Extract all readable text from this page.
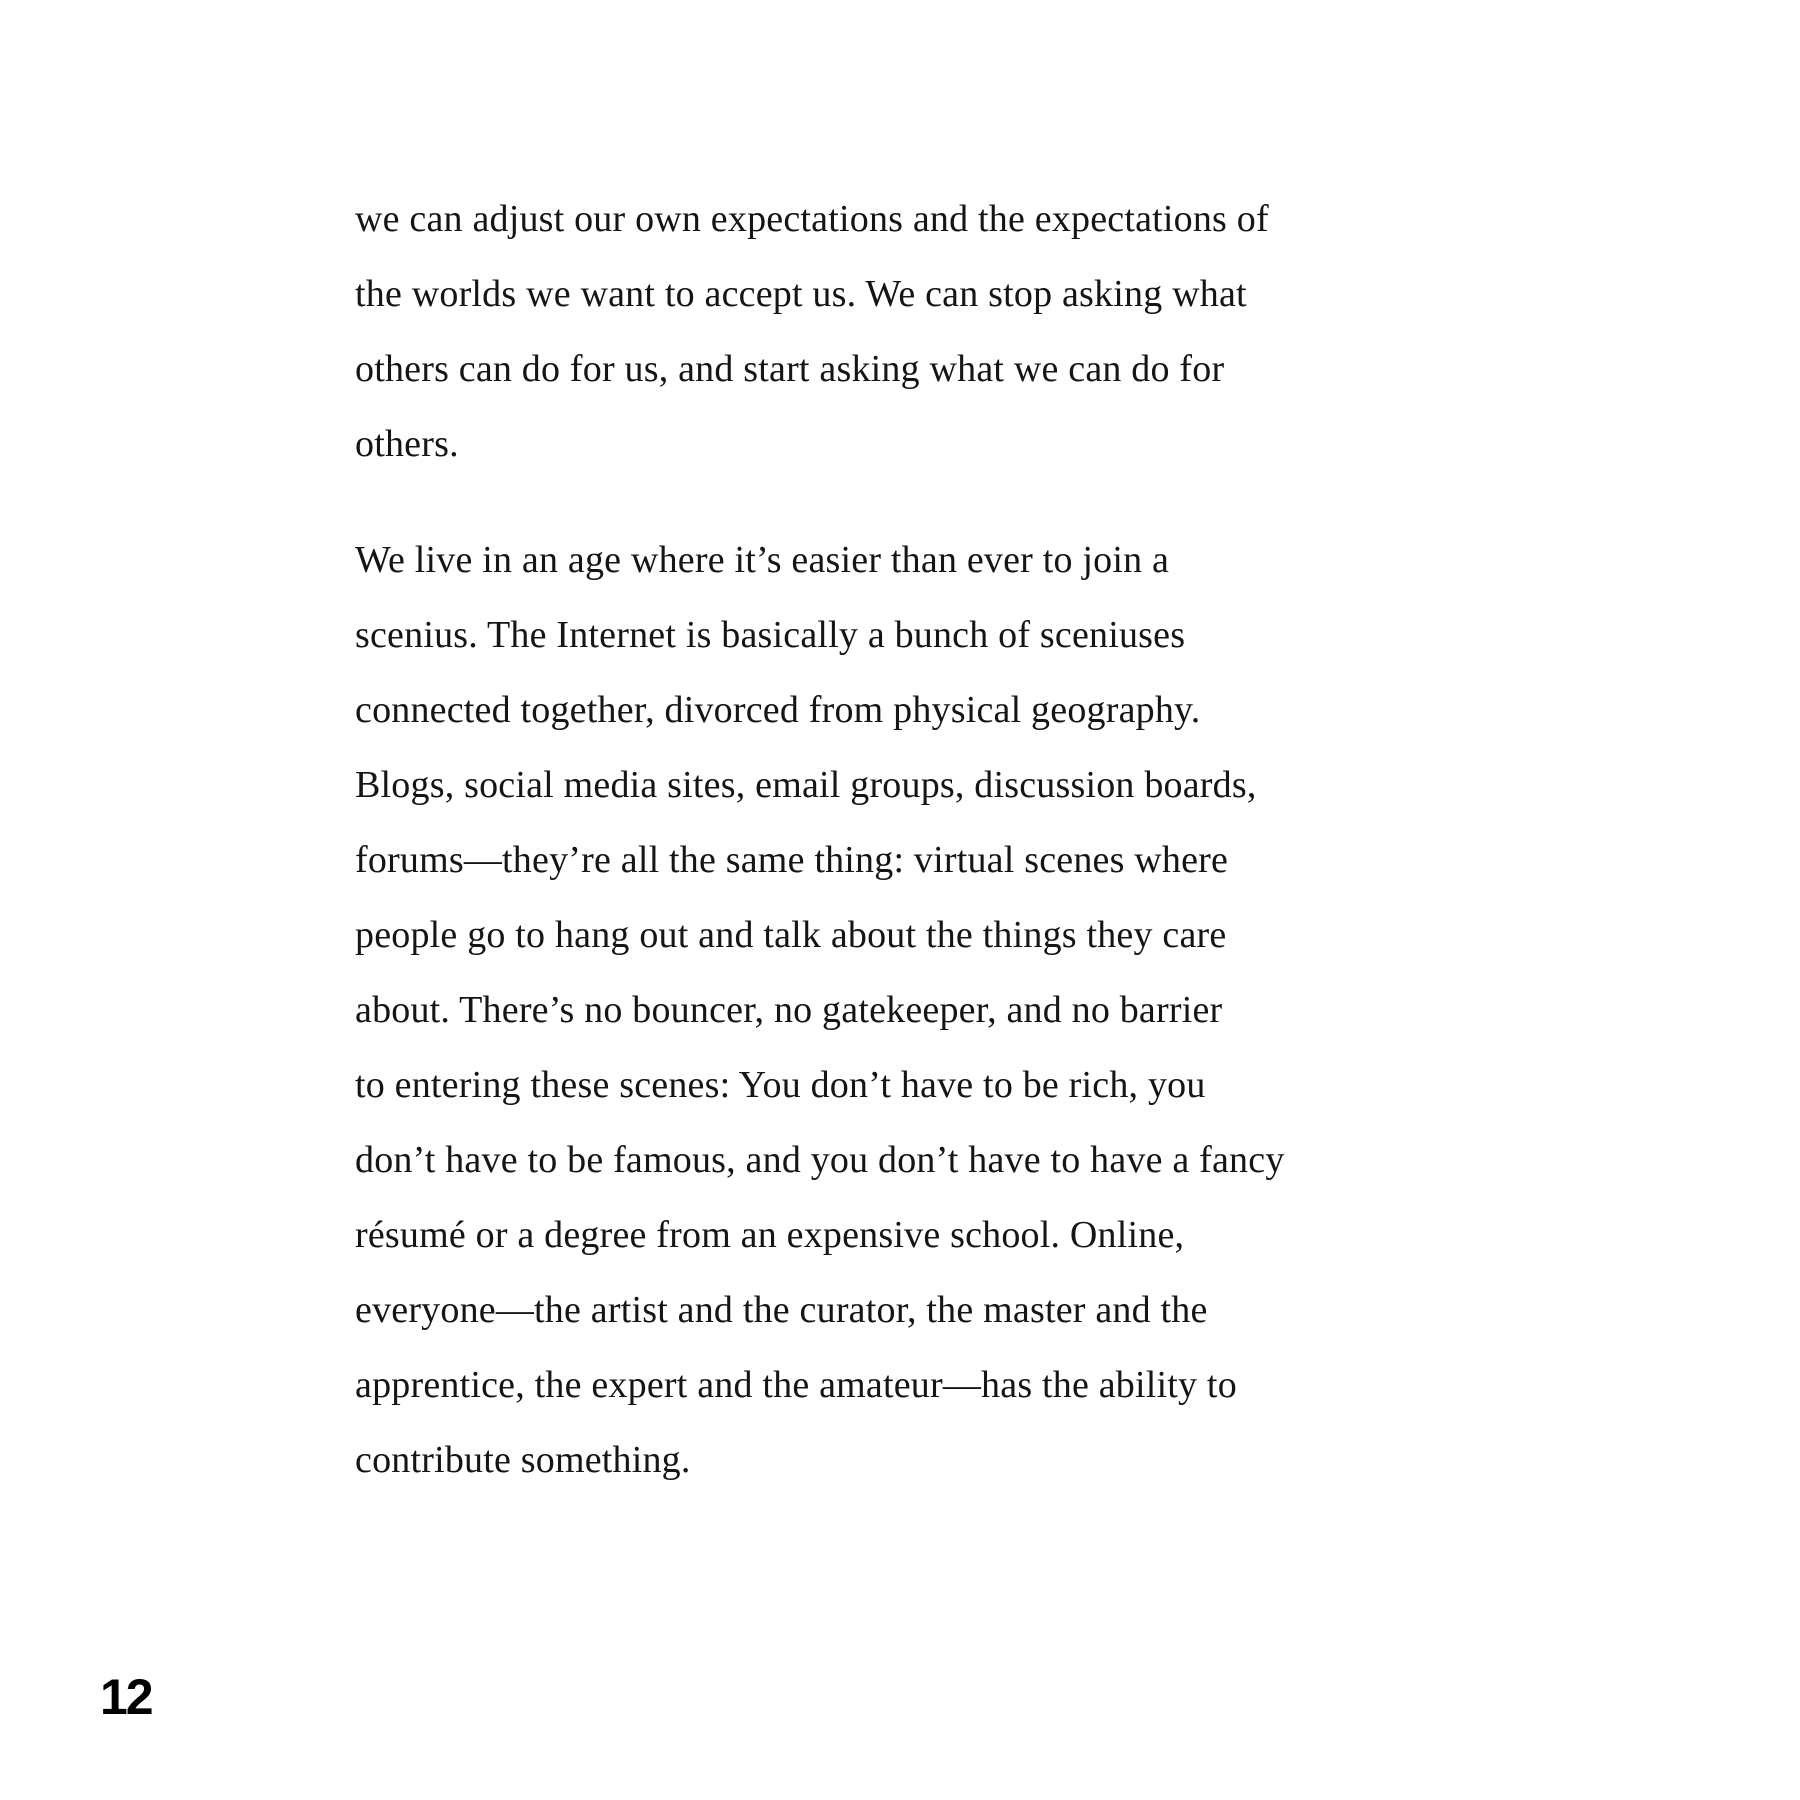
we can adjust our own expectations and the expectations of
the worlds we want to accept us. We can stop asking what
others can do for us, and start asking what we can do for
others.

We live in an age where it’s easier than ever to join a
scenius. The Internet is basically a bunch of sceniuses
connected together, divorced from physical geography.
Blogs, social media sites, email groups, discussion boards,
forums—they’re all the same thing: virtual scenes where
people go to hang out and talk about the things they care
about. There’s no bouncer, no gatekeeper, and no barrier
to entering these scenes: You don’t have to be rich, you
don’t have to be famous, and you don’t have to have a fancy
résumé or a degree from an expensive school. Online,
everyone—the artist and the curator, the master and the
apprentice, the expert and the amateur—has the ability to
contribute something.

12
